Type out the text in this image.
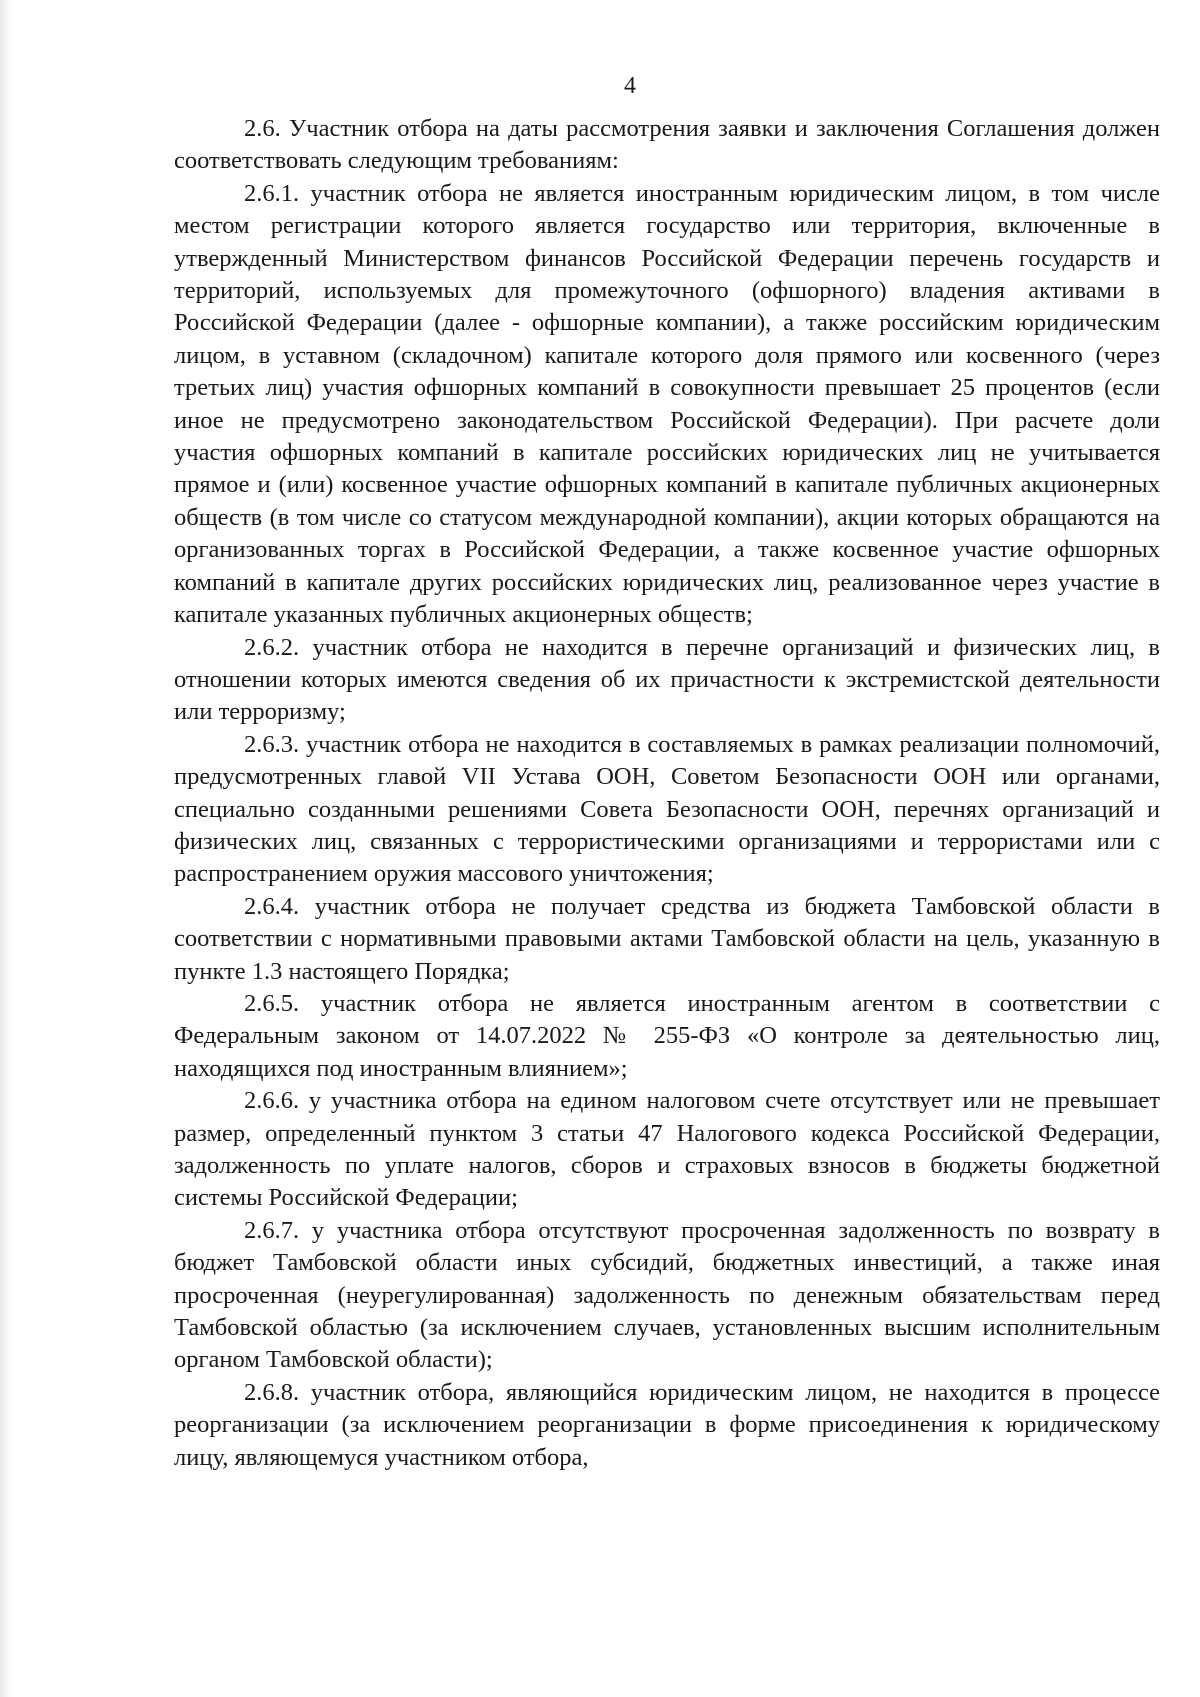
4

2.6. Участник отбора на даты рассмотрения заявки и заключения Соглашения должен соответствовать следующим требованиям:

2.6.1. участник отбора не является иностранным юридическим лицом, в том числе местом регистрации которого является государство или территория, включенные в утвержденный Министерством финансов Российской Федерации перечень государств и территорий, используемых для промежуточного (офшорного) владения активами в Российской Федерации (далее - офшорные компании), а также российским юридическим лицом, в уставном (складочном) капитале которого доля прямого или косвенного (через третьих лиц) участия офшорных компаний в совокупности превышает 25 процентов (если иное не предусмотрено законодательством Российской Федерации). При расчете доли участия офшорных компаний в капитале российских юридических лиц не учитывается прямое и (или) косвенное участие офшорных компаний в капитале публичных акционерных обществ (в том числе со статусом международной компании), акции которых обращаются на организованных торгах в Российской Федерации, а также косвенное участие офшорных компаний в капитале других российских юридических лиц, реализованное через участие в капитале указанных публичных акционерных обществ;

2.6.2. участник отбора не находится в перечне организаций и физических лиц, в отношении которых имеются сведения об их причастности к экстремистской деятельности или терроризму;

2.6.3. участник отбора не находится в составляемых в рамках реализации полномочий, предусмотренных главой VII Устава ООН, Советом Безопасности ООН или органами, специально созданными решениями Совета Безопасности ООН, перечнях организаций и физических лиц, связанных с террористическими организациями и террористами или с распространением оружия массового уничтожения;

2.6.4. участник отбора не получает средства из бюджета Тамбовской области в соответствии с нормативными правовыми актами Тамбовской области на цель, указанную в пункте 1.3 настоящего Порядка;

2.6.5. участник отбора не является иностранным агентом в соответствии с Федеральным законом от 14.07.2022 № 255-ФЗ «О контроле за деятельностью лиц, находящихся под иностранным влиянием»;

2.6.6. у участника отбора на едином налоговом счете отсутствует или не превышает размер, определенный пунктом 3 статьи 47 Налогового кодекса Российской Федерации, задолженность по уплате налогов, сборов и страховых взносов в бюджеты бюджетной системы Российской Федерации;

2.6.7. у участника отбора отсутствуют просроченная задолженность по возврату в бюджет Тамбовской области иных субсидий, бюджетных инвестиций, а также иная просроченная (неурегулированная) задолженность по денежным обязательствам перед Тамбовской областью (за исключением случаев, установленных высшим исполнительным органом Тамбовской области);

2.6.8. участник отбора, являющийся юридическим лицом, не находится в процессе реорганизации (за исключением реорганизации в форме присоединения к юридическому лицу, являющемуся участником отбора,
